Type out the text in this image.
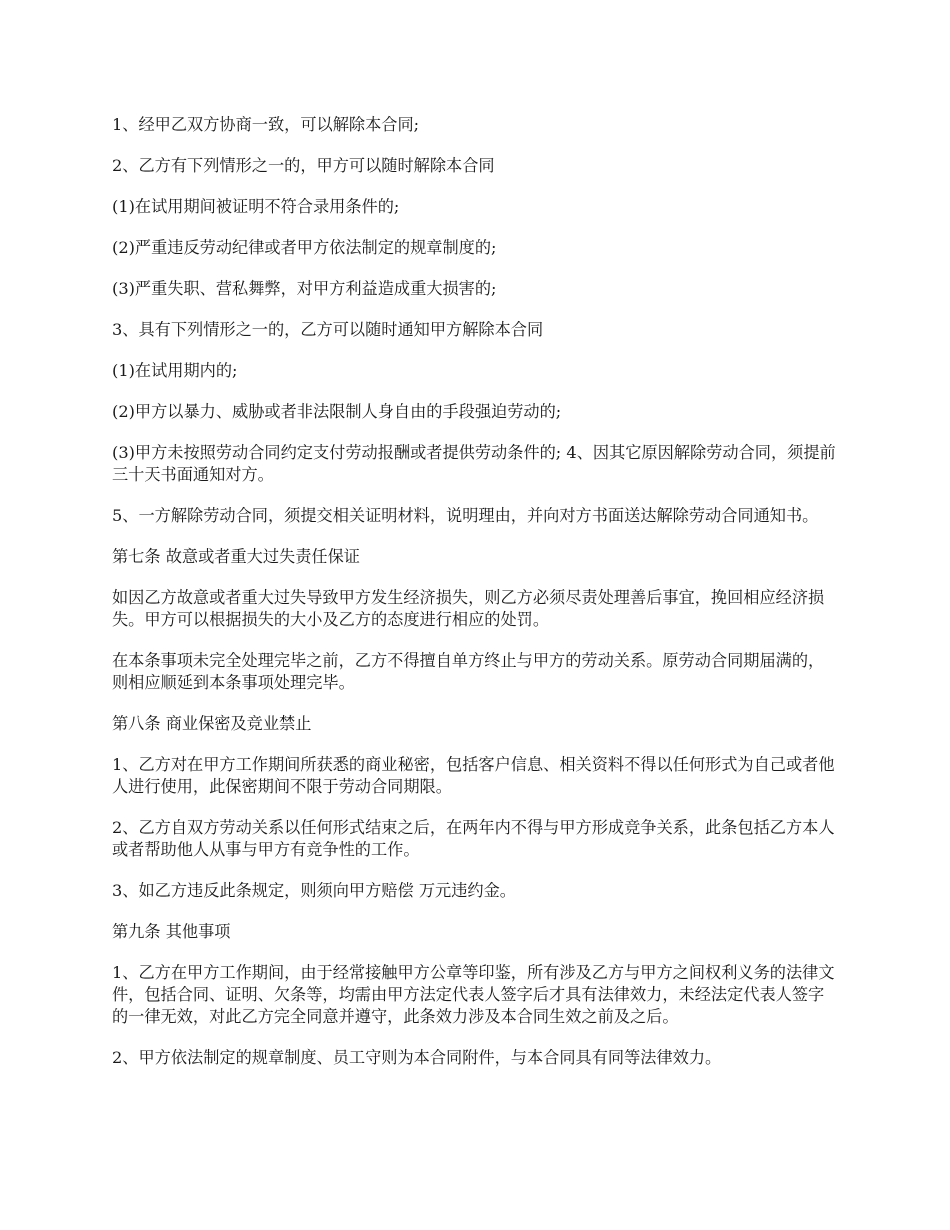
1、经甲乙双方协商一致，可以解除本合同;

2、乙方有下列情形之一的，甲方可以随时解除本合同

(1)在试用期间被证明不符合录用条件的;

(2)严重违反劳动纪律或者甲方依法制定的规章制度的;

(3)严重失职、营私舞弊，对甲方利益造成重大损害的;

3、具有下列情形之一的，乙方可以随时通知甲方解除本合同

(1)在试用期内的;

(2)甲方以暴力、威胁或者非法限制人身自由的手段强迫劳动的;

(3)甲方未按照劳动合同约定支付劳动报酬或者提供劳动条件的; 4、因其它原因解除劳动合同，须提前三十天书面通知对方。

5、一方解除劳动合同，须提交相关证明材料，说明理由，并向对方书面送达解除劳动合同通知书。

第七条 故意或者重大过失责任保证

如因乙方故意或者重大过失导致甲方发生经济损失，则乙方必须尽责处理善后事宜，挽回相应经济损失。甲方可以根据损失的大小及乙方的态度进行相应的处罚。

在本条事项未完全处理完毕之前，乙方不得擅自单方终止与甲方的劳动关系。原劳动合同期届满的，则相应顺延到本条事项处理完毕。

第八条 商业保密及竞业禁止

1、乙方对在甲方工作期间所获悉的商业秘密，包括客户信息、相关资料不得以任何形式为自己或者他人进行使用，此保密期间不限于劳动合同期限。

2、乙方自双方劳动关系以任何形式结束之后，在两年内不得与甲方形成竞争关系，此条包括乙方本人或者帮助他人从事与甲方有竞争性的工作。

3、如乙方违反此条规定，则须向甲方赔偿 万元违约金。

第九条 其他事项

1、乙方在甲方工作期间，由于经常接触甲方公章等印鉴，所有涉及乙方与甲方之间权利义务的法律文件，包括合同、证明、欠条等，均需由甲方法定代表人签字后才具有法律效力，未经法定代表人签字的一律无效，对此乙方完全同意并遵守，此条效力涉及本合同生效之前及之后。

2、甲方依法制定的规章制度、员工守则为本合同附件，与本合同具有同等法律效力。
